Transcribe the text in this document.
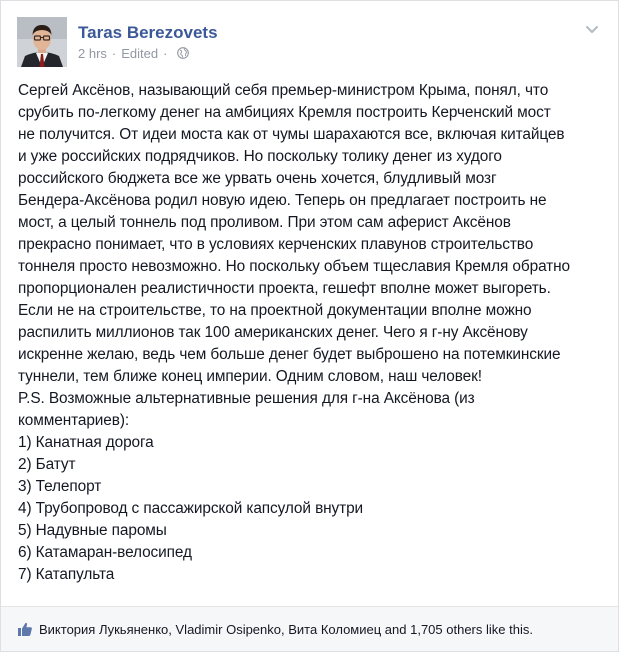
Taras Berezovets
2 hrs · Edited ·
Сергей Аксёнов, называющий себя премьер-министром Крыма, понял, что
срубить по-легкому денег на амбициях Кремля построить Керченский мост
не получится. От идеи моста как от чумы шарахаются все, включая китайцев
и уже российских подрядчиков. Но поскольку толику денег из худого
российского бюджета все же урвать очень хочется, блудливый мозг
Бендера-Аксёнова родил новую идею. Теперь он предлагает построить не
мост, а целый тоннель под проливом. При этом сам аферист Аксёнов
прекрасно понимает, что в условиях керченских плавунов строительство
тоннеля просто невозможно. Но поскольку объем тщеславия Кремля обратно
пропорционален реалистичности проекта, гешефт вполне может выгореть.
Если не на строительстве, то на проектной документации вполне можно
распилить миллионов так 100 американских денег. Чего я г-ну Аксёнову
искренне желаю, ведь чем больше денег будет выброшено на потемкинские
туннели, тем ближе конец империи. Одним словом, наш человек!
P.S. Возможные альтернативные решения для г-на Аксёнова (из
комментариев):
1) Канатная дорога
2) Батут
3) Телепорт
4) Трубопровод с пассажирской капсулой внутри
5) Надувные паромы
6) Катамаран-велосипед
7) Катапульта
Виктория Лукьяненко, Vladimir Osipenko, Вита Коломиец and 1,705 others like this.
